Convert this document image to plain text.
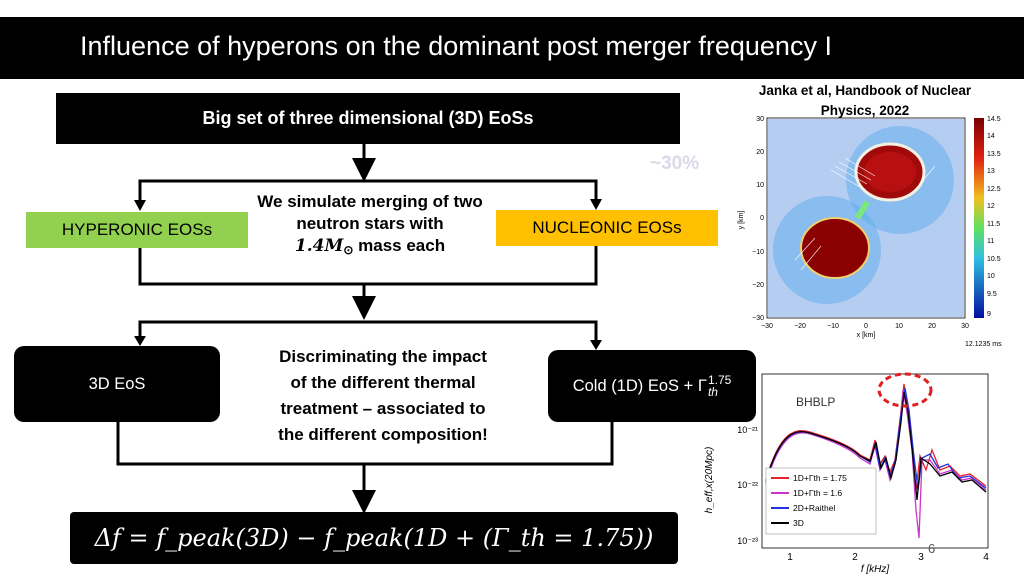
Influence of hyperons on the dominant post merger frequency I
Janka et al, Handbook of Nuclear
Physics, 2022
Big set of three dimensional (3D) EoSs
~30%
HYPERONIC EOSs	NUCLEONIC EOSs
We simulate merging of two
neutron stars with
1.4M⊙ mass each
3D EoS	Cold (1D) EoS + Γ 1.75
th
Discriminating the impact
of the different thermal
treatment – associated to
the different composition!
Δf = f_peak(3D) − f_peak(1D + (Γ_th = 1.75))
30
20
10
0
−10
−20
−30
−30	−20	−10	0	10	20	30
x [km]
y [km]
14.5
14
13.5
13
12.5
12
11.5
11
10.5
10
9.5
9
12.1235 ms
BHBLP
1D+Γth = 1.75
1D+Γth = 1.6
2D+Raithel
3D
10⁻²¹
10⁻²²
10⁻²³
1	2	3	4
f [kHz]
h_eff,x(20Mpc)
6
